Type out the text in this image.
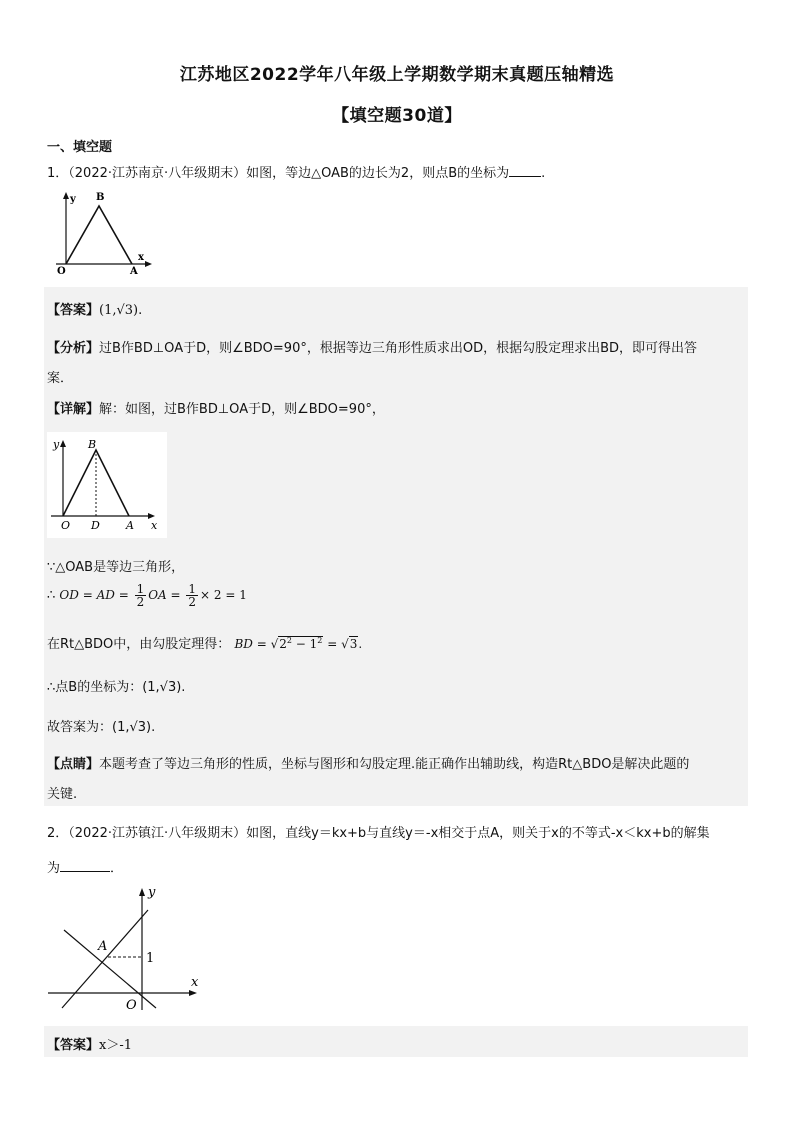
江苏地区2022学年八年级上学期数学期末真题压轴精选
【填空题30道】
一、填空题
1．（2022·江苏南京·八年级期末）如图，等边△OAB的边长为2，则点B的坐标为 .
y B
x
O	A
【答案】(1,√3).
【分析】过B作BD⊥OA于D，则∠BDO=90°，根据等边三角形性质求出OD，根据勾股定理求出BD，即可得出答
案．
【详解】解：如图，过B作BD⊥OA于D，则∠BDO=90°，
y	B
O D A x
∵△OAB是等边三角形，
∴ OD = AD = $\frac{1}{2}$ OA = $\frac{1}{2} \times 2 = 1$
在Rt△BDO中，由勾股定理得： BD = $√2^2 - 1^2 = √3$.
∴点B的坐标为：(1,√3).
故答案为：(1,√3).
【点睛】本题考查了等边三角形的性质，坐标与图形和勾股定理.能正确作出辅助线，构造Rt△BDO是解决此题的
关键.
2．（2022·江苏镇江·八年级期末）如图，直线y＝kx+b与直线y＝-x相交于点A，则关于x的不等式-x＜kx+b的解集
为	．
y
A
1
x
O
【答案】x＞-1
